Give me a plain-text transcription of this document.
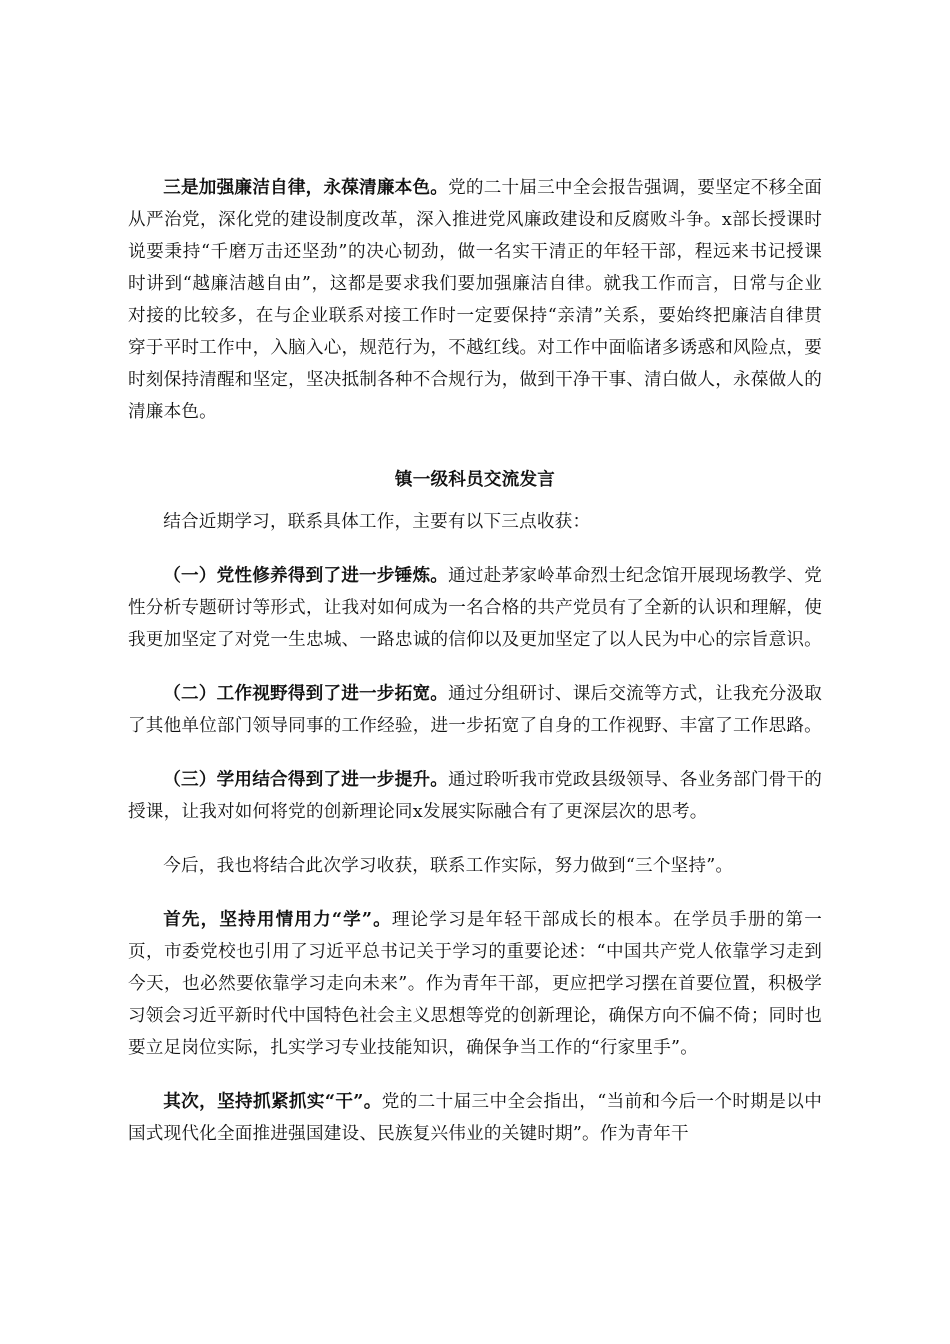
三是加强廉洁自律，永葆清廉本色。党的二十届三中全会报告强调，要坚定不移全面从严治党，深化党的建设制度改革，深入推进党风廉政建设和反腐败斗争。x部长授课时说要秉持“千磨万击还坚劲”的决心韧劲，做一名实干清正的年轻干部，程远来书记授课时讲到“越廉洁越自由”，这都是要求我们要加强廉洁自律。就我工作而言，日常与企业对接的比较多，在与企业联系对接工作时一定要保持“亲清”关系，要始终把廉洁自律贯穿于平时工作中，入脑入心，规范行为，不越红线。对工作中面临诸多诱惑和风险点，要时刻保持清醒和坚定，坚决抵制各种不合规行为，做到干净干事、清白做人，永葆做人的清廉本色。

镇一级科员交流发言

结合近期学习，联系具体工作，主要有以下三点收获：

（一）党性修养得到了进一步锤炼。通过赴茅家岭革命烈士纪念馆开展现场教学、党性分析专题研讨等形式，让我对如何成为一名合格的共产党员有了全新的认识和理解，使我更加坚定了对党一生忠城、一路忠诚的信仰以及更加坚定了以人民为中心的宗旨意识。

（二）工作视野得到了进一步拓宽。通过分组研讨、课后交流等方式，让我充分汲取了其他单位部门领导同事的工作经验，进一步拓宽了自身的工作视野、丰富了工作思路。

（三）学用结合得到了进一步提升。通过聆听我市党政县级领导、各业务部门骨干的授课，让我对如何将党的创新理论同x发展实际融合有了更深层次的思考。

今后，我也将结合此次学习收获，联系工作实际，努力做到“三个坚持”。

首先，坚持用情用力“学”。理论学习是年轻干部成长的根本。在学员手册的第一页，市委党校也引用了习近平总书记关于学习的重要论述：“中国共产党人依靠学习走到今天，也必然要依靠学习走向未来”。作为青年干部，更应把学习摆在首要位置，积极学习领会习近平新时代中国特色社会主义思想等党的创新理论，确保方向不偏不倚；同时也要立足岗位实际，扎实学习专业技能知识，确保争当工作的“行家里手”。

其次，坚持抓紧抓实“干”。党的二十届三中全会指出，“当前和今后一个时期是以中国式现代化全面推进强国建设、民族复兴伟业的关键时期”。作为青年干
